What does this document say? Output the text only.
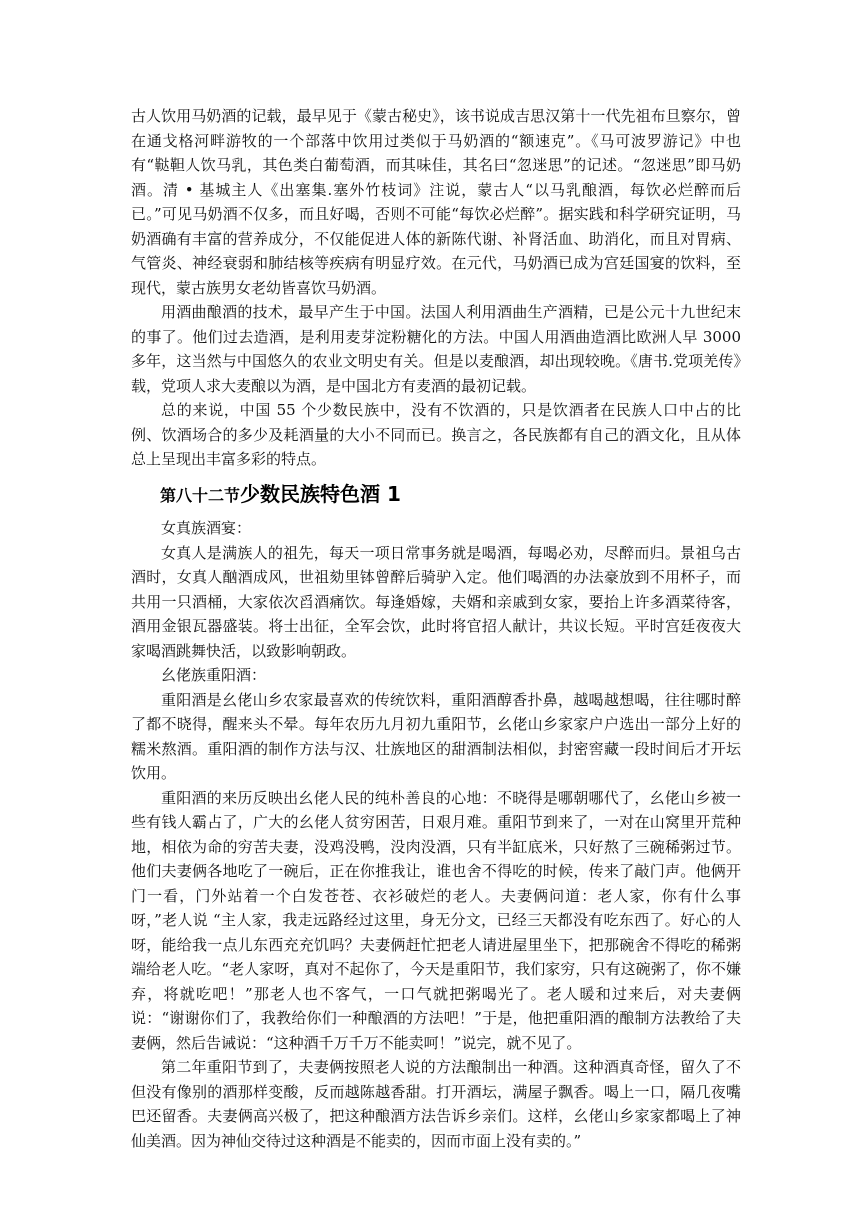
古人饮用马奶酒的记载，最早见于《蒙古秘史》，该书说成吉思汉第十一代先祖布旦察尔，曾在通戈格河畔游牧的一个部落中饮用过类似于马奶酒的“额速克”。《马可波罗游记》中也有“鞑靼人饮马乳，其色类白葡萄酒，而其味佳，其名曰“忽迷思”的记述。“忽迷思”即马奶酒。清 • 基城主人《出塞集.塞外竹枝词》注说，蒙古人“以马乳酿酒，每饮必烂醉而后已。”可见马奶酒不仅多，而且好喝，否则不可能“每饮必烂醉”。据实践和科学研究证明，马奶酒确有丰富的营养成分，不仅能促进人体的新陈代谢、补肾活血、助消化，而且对胃病、气管炎、神经衰弱和肺结核等疾病有明显疗效。在元代，马奶酒已成为宫廷国宴的饮料，至现代，蒙古族男女老幼皆喜饮马奶酒。

用酒曲酿酒的技术，最早产生于中国。法国人利用酒曲生产酒精，已是公元十九世纪末的事了。他们过去造酒，是利用麦芽淀粉糖化的方法。中国人用酒曲造酒比欧洲人早 3000 多年，这当然与中国悠久的农业文明史有关。但是以麦酿酒，却出现较晚。《唐书.党项羌传》载，党项人求大麦酿以为酒，是中国北方有麦酒的最初记载。

总的来说，中国 55 个少数民族中，没有不饮酒的，只是饮酒者在民族人口中占的比例、饮酒场合的多少及耗酒量的大小不同而已。换言之，各民族都有自己的酒文化，且从体总上呈现出丰富多彩的特点。

第八十二节少数民族特色酒 1

女真族酒宴：

女真人是满族人的祖先，每天一项日常事务就是喝酒，每喝必劝，尽醉而归。景祖乌古酒时，女真人酗酒成风，世祖劾里钵曾醉后骑驴入定。他们喝酒的办法豪放到不用杯子，而共用一只酒桶，大家依次舀酒痛饮。每逢婚嫁，夫婿和亲戚到女家，要抬上许多酒菜待客，酒用金银瓦器盛装。将士出征，全军会饮，此时将官招人献计，共议长短。平时宫廷夜夜大家喝酒跳舞快活，以致影响朝政。

幺佬族重阳酒：

重阳酒是幺佬山乡农家最喜欢的传统饮料，重阳酒醇香扑鼻，越喝越想喝，往往哪时醉了都不晓得，醒来头不晕。每年农历九月初九重阳节，幺佬山乡家家户户选出一部分上好的糯米熬酒。重阳酒的制作方法与汉、壮族地区的甜酒制法相似，封密窖藏一段时间后才开坛饮用。

重阳酒的来历反映出幺佬人民的纯朴善良的心地：不晓得是哪朝哪代了，幺佬山乡被一些有钱人霸占了，广大的幺佬人贫穷困苦，日艰月难。重阳节到来了，一对在山窝里开荒种地，相依为命的穷苦夫妻，没鸡没鸭，没肉没酒，只有半缸底米，只好熬了三碗稀粥过节。他们夫妻俩各地吃了一碗后，正在你推我让，谁也舍不得吃的时候，传来了敲门声。他俩开门一看，门外站着一个白发苍苍、衣衫破烂的老人。夫妻俩问道：老人家，你有什么事呀，”老人说 “主人家，我走远路经过这里，身无分文，已经三天都没有吃东西了。好心的人呀，能给我一点儿东西充充饥吗？夫妻俩赶忙把老人请进屋里坐下，把那碗舍不得吃的稀粥端给老人吃。“老人家呀，真对不起你了，今天是重阳节，我们家穷，只有这碗粥了，你不嫌弃，将就吃吧！”那老人也不客气，一口气就把粥喝光了。老人暖和过来后，对夫妻俩说：“谢谢你们了，我教给你们一种酿酒的方法吧！”于是，他把重阳酒的酿制方法教给了夫妻俩，然后告诫说：“这种酒千万千万不能卖呵！”说完，就不见了。

第二年重阳节到了，夫妻俩按照老人说的方法酿制出一种酒。这种酒真奇怪，留久了不但没有像别的酒那样变酸，反而越陈越香甜。打开酒坛，满屋子飘香。喝上一口，隔几夜嘴巴还留香。夫妻俩高兴极了，把这种酿酒方法告诉乡亲们。这样，幺佬山乡家家都喝上了神仙美酒。因为神仙交待过这种酒是不能卖的，因而市面上没有卖的。”
